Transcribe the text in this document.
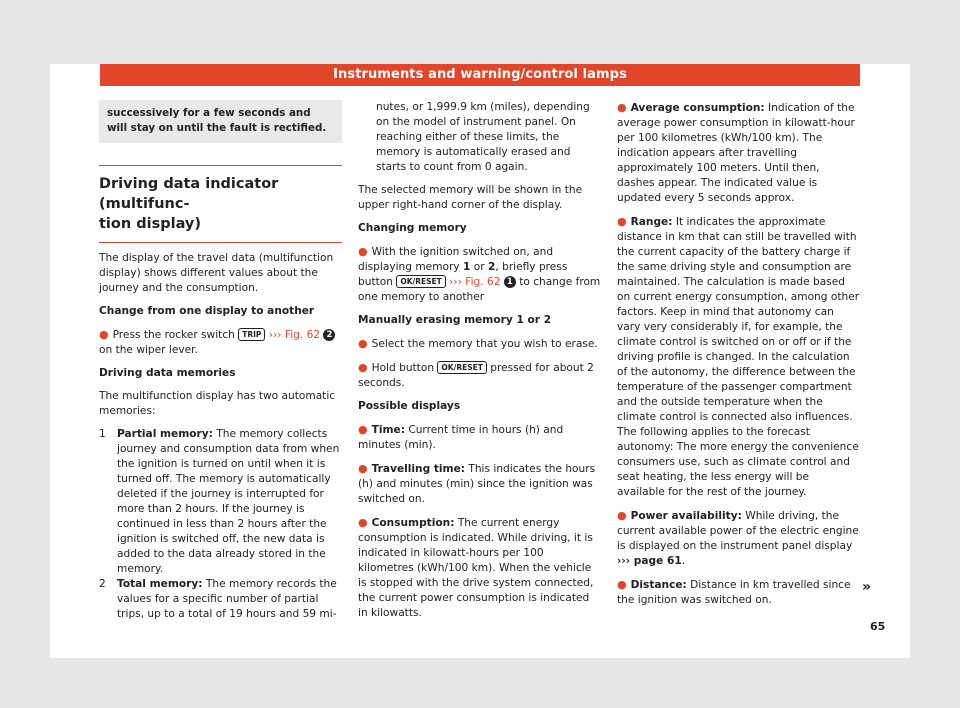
Instruments and warning/control lamps
successively for a few seconds and will stay on until the fault is rectified.
Driving data indicator (multifunc-
tion display)

The display of the travel data (multifunction display) shows different values about the journey and the consumption.

Change from one display to another

● Press the rocker switch TRIP ››› Fig. 62 2 on the wiper lever.

Driving data memories

The multifunction display has two automatic memories:

1	Partial memory: The memory collects journey and consumption data from when the ignition is turned on until when it is turned off. The memory is automatically deleted if the journey is interrupted for more than 2 hours. If the journey is continued in less than 2 hours after the ignition is switched off, the new data is added to the data already stored in the memory.
2	Total memory: The memory records the values for a specific number of partial trips, up to a total of 19 hours and 59 mi-
nutes, or 1,999.9 km (miles), depending on the model of instrument panel. On reaching either of these limits, the memory is automatically erased and starts to count from 0 again.

The selected memory will be shown in the upper right-hand corner of the display.

Changing memory

● With the ignition switched on, and displaying memory 1 or 2, briefly press button OK/RESET ››› Fig. 62 1 to change from one memory to another

Manually erasing memory 1 or 2

● Select the memory that you wish to erase.

● Hold button OK/RESET pressed for about 2 seconds.

Possible displays

● Time: Current time in hours (h) and minutes (min).

● Travelling time: This indicates the hours (h) and minutes (min) since the ignition was switched on.

● Consumption: The current energy consumption is indicated. While driving, it is indicated in kilowatt-hours per 100 kilometres (kWh/100 km). When the vehicle is stopped with the drive system connected, the current power consumption is indicated in kilowatts.

● Average consumption: Indication of the average power consumption in kilowatt-hour per 100 kilometres (kWh/100 km). The indication appears after travelling approximately 100 meters. Until then, dashes appear. The indicated value is updated every 5 seconds approx.

● Range: It indicates the approximate distance in km that can still be travelled with the current capacity of the battery charge if the same driving style and consumption are maintained. The calculation is made based on current energy consumption, among other factors. Keep in mind that autonomy can vary very considerably if, for example, the climate control is switched on or off or if the driving profile is changed. In the calculation of the autonomy, the difference between the temperature of the passenger compartment and the outside temperature when the climate control is connected also influences. The following applies to the forecast autonomy: The more energy the convenience consumers use, such as climate control and seat heating, the less energy will be available for the rest of the journey.

● Power availability: While driving, the current available power of the electric engine is displayed on the instrument panel display ››› page 61.

● Distance: Distance in km travelled since the ignition was switched on.

»
65
